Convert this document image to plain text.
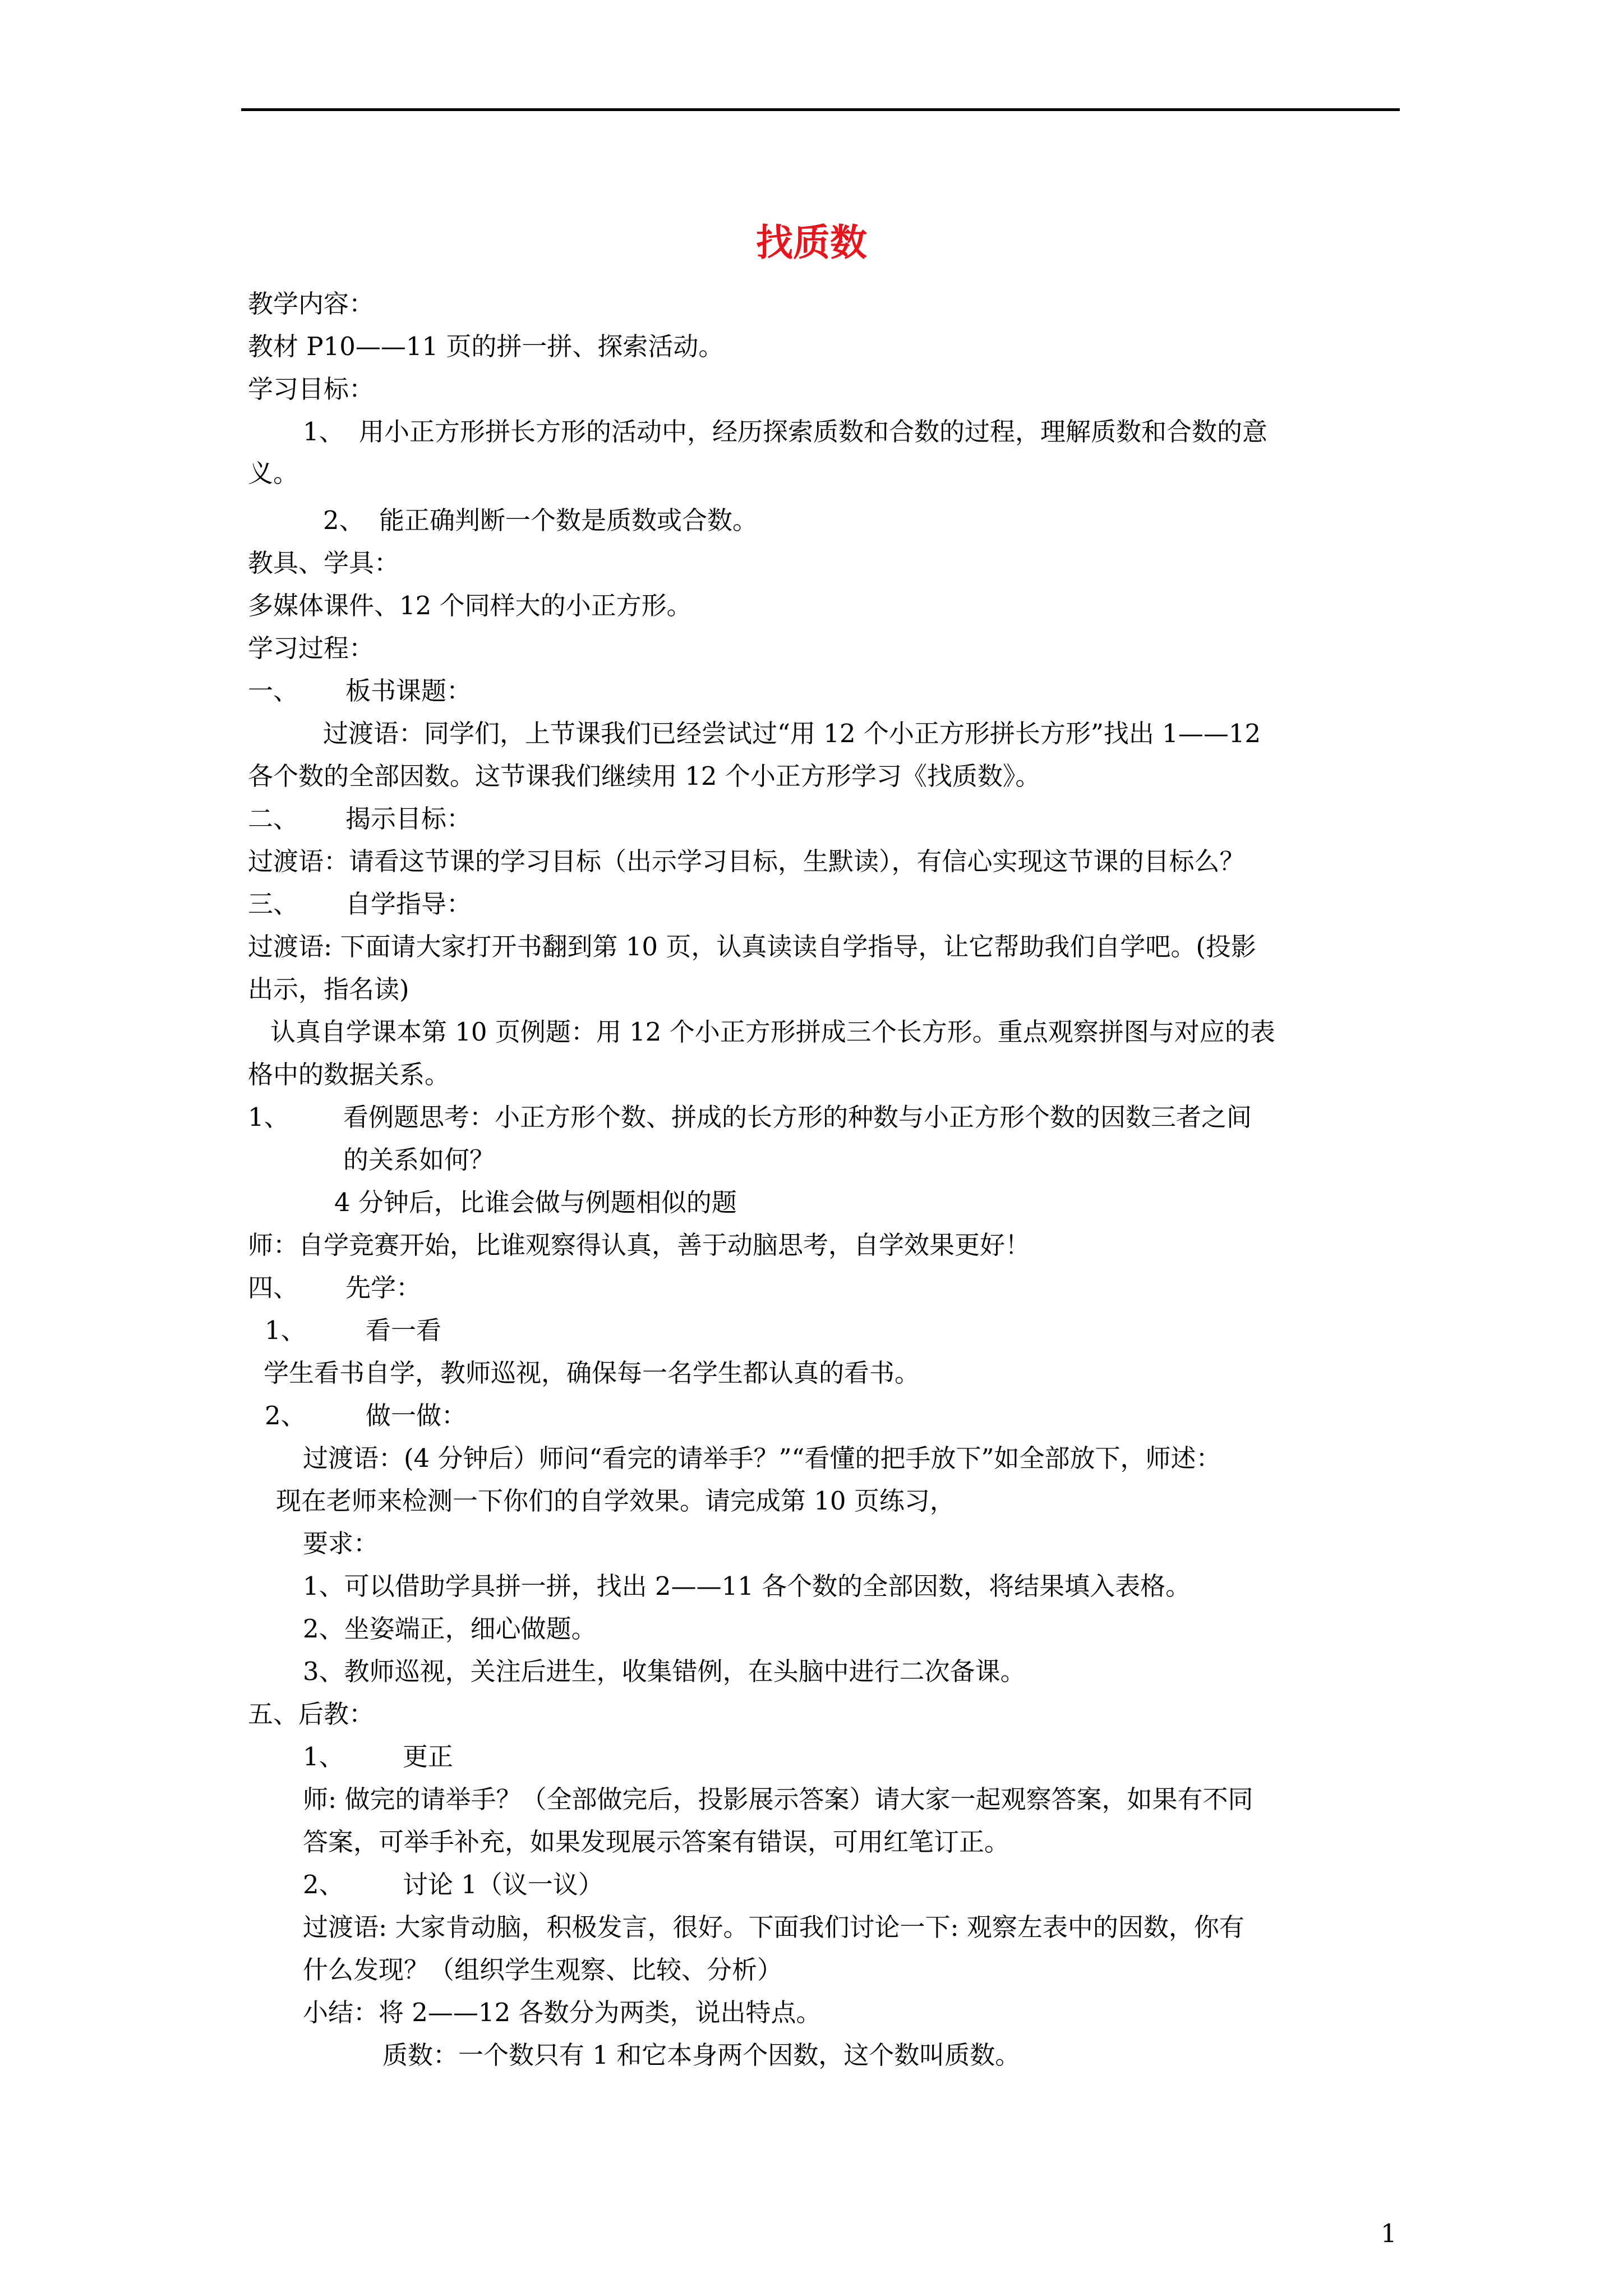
找质数
教学内容：
教材 P10——11 页的拼一拼、探索活动。
学习目标：
1、 用小正方形拼长方形的活动中，经历探索质数和合数的过程，理解质数和合数的意
义。
2、 能正确判断一个数是质数或合数。
教具、学具：
多媒体课件、12 个同样大的小正方形。
学习过程：
一、 板书课题：
过渡语：同学们，上节课我们已经尝试过“用 12 个小正方形拼长方形”找出 1——12
各个数的全部因数。这节课我们继续用 12 个小正方形学习《找质数》。
二、 揭示目标：
过渡语：请看这节课的学习目标（出示学习目标，生默读），有信心实现这节课的目标么？
三、 自学指导：
过渡语: 下面请大家打开书翻到第 10 页，认真读读自学指导，让它帮助我们自学吧。(投影
出示，指名读)
认真自学课本第 10 页例题：用 12 个小正方形拼成三个长方形。重点观察拼图与对应的表
格中的数据关系。
1、 看例题思考：小正方形个数、拼成的长方形的种数与小正方形个数的因数三者之间
的关系如何？
4 分钟后，比谁会做与例题相似的题
师：自学竞赛开始，比谁观察得认真，善于动脑思考，自学效果更好！
四、 先学：
1、 看一看
学生看书自学，教师巡视，确保每一名学生都认真的看书。
2、 做一做：
过渡语：(4 分钟后）师问“看完的请举手？”“看懂的把手放下”如全部放下，师述：
现在老师来检测一下你们的自学效果。请完成第 10 页练习，
要求：
1、可以借助学具拼一拼，找出 2——11 各个数的全部因数，将结果填入表格。
2、坐姿端正，细心做题。
3、教师巡视，关注后进生，收集错例，在头脑中进行二次备课。
五、后教：
1、 更正
师: 做完的请举手？（全部做完后，投影展示答案）请大家一起观察答案，如果有不同
答案，可举手补充，如果发现展示答案有错误，可用红笔订正。
2、 讨论 1（议一议）
过渡语: 大家肯动脑，积极发言，很好。下面我们讨论一下: 观察左表中的因数，你有
什么发现？（组织学生观察、比较、分析）
小结：将 2——12 各数分为两类，说出特点。
质数：一个数只有 1 和它本身两个因数，这个数叫质数。
1
